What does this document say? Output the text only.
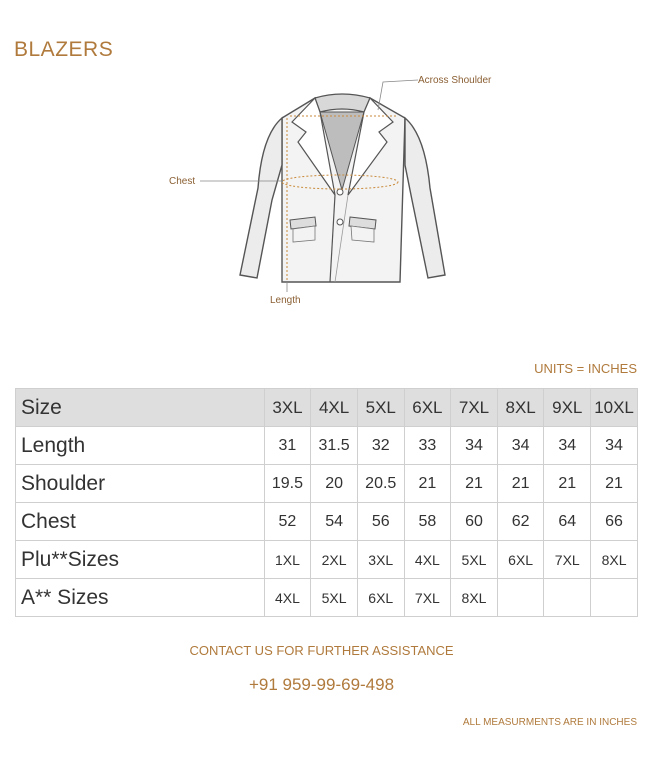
BLAZERS
Across Shoulder
Chest
Length
UNITS = INCHES
Size	3XL	4XL	5XL	6XL	7XL	8XL	9XL	10XL
Length	31	31.5	32	33	34	34	34	34
Shoulder	19.5	20	20.5	21	21	21	21	21
Chest	52	54	56	58	60	62	64	66
Plu**Sizes	1XL	2XL	3XL	4XL	5XL	6XL	7XL	8XL
A** Sizes	4XL	5XL	6XL	7XL	8XL			
CONTACT US FOR FURTHER ASSISTANCE
+91 959-99-69-498
ALL MEASURMENTS ARE IN INCHES
